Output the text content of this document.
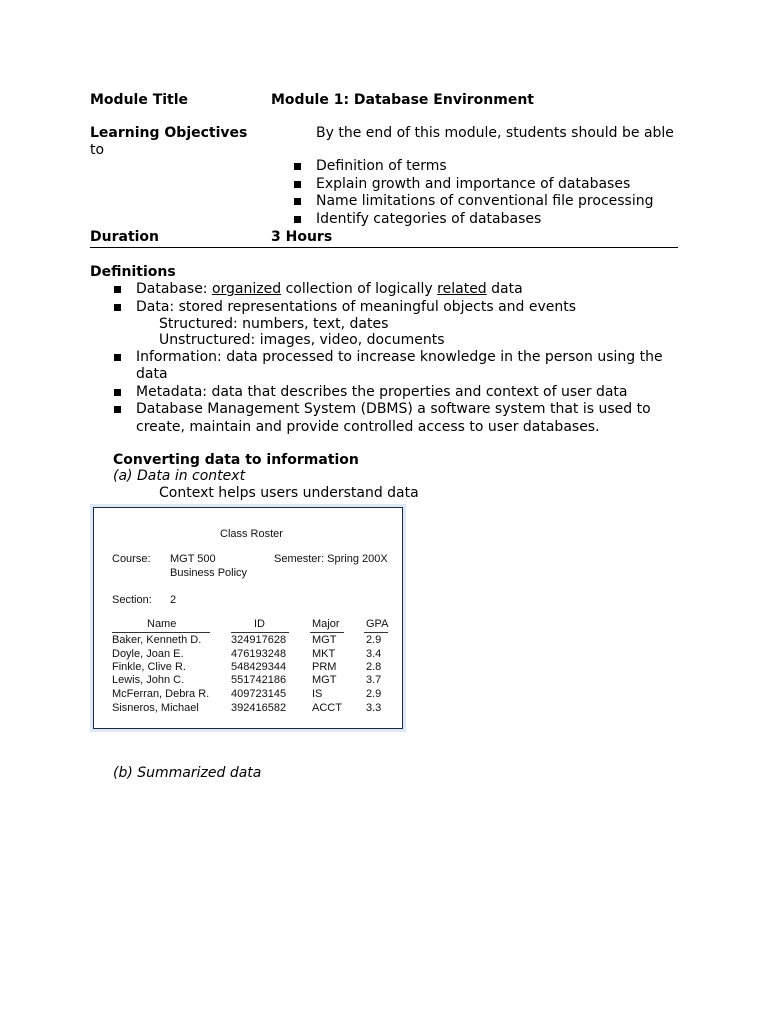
Module Title	Module 1: Database Environment
Learning Objectives	By the end of this module, students should be able
to
Definition of terms
Explain growth and importance of databases
Name limitations of conventional file processing
Identify categories of databases
Duration	3 Hours
Definitions
Database: organized collection of logically related data
Data: stored representations of meaningful objects and events
Structured: numbers, text, dates
Unstructured: images, video, documents
Information: data processed to increase knowledge in the person using the
data
Metadata: data that describes the properties and context of user data
Database Management System (DBMS) a software system that is used to
create, maintain and provide controlled access to user databases.
Converting data to information
(a) Data in context
Context helps users understand data
Class Roster
Course: MGT 500
Business Policy
Semester: Spring 200X
Section: 2
Name	ID	Major GPA
Baker, Kenneth D.	324917628 MGT	2.9
Doyle, Joan E.	476193248 MKT	3.4
Finkle, Clive R.	548429344 PRM	2.8
Lewis, John C.	551742186 MGT	3.7
McFerran, Debra R. 409723145 IS	2.9
Sisneros, Michael	392416582 ACCT 3.3
(b) Summarized data
